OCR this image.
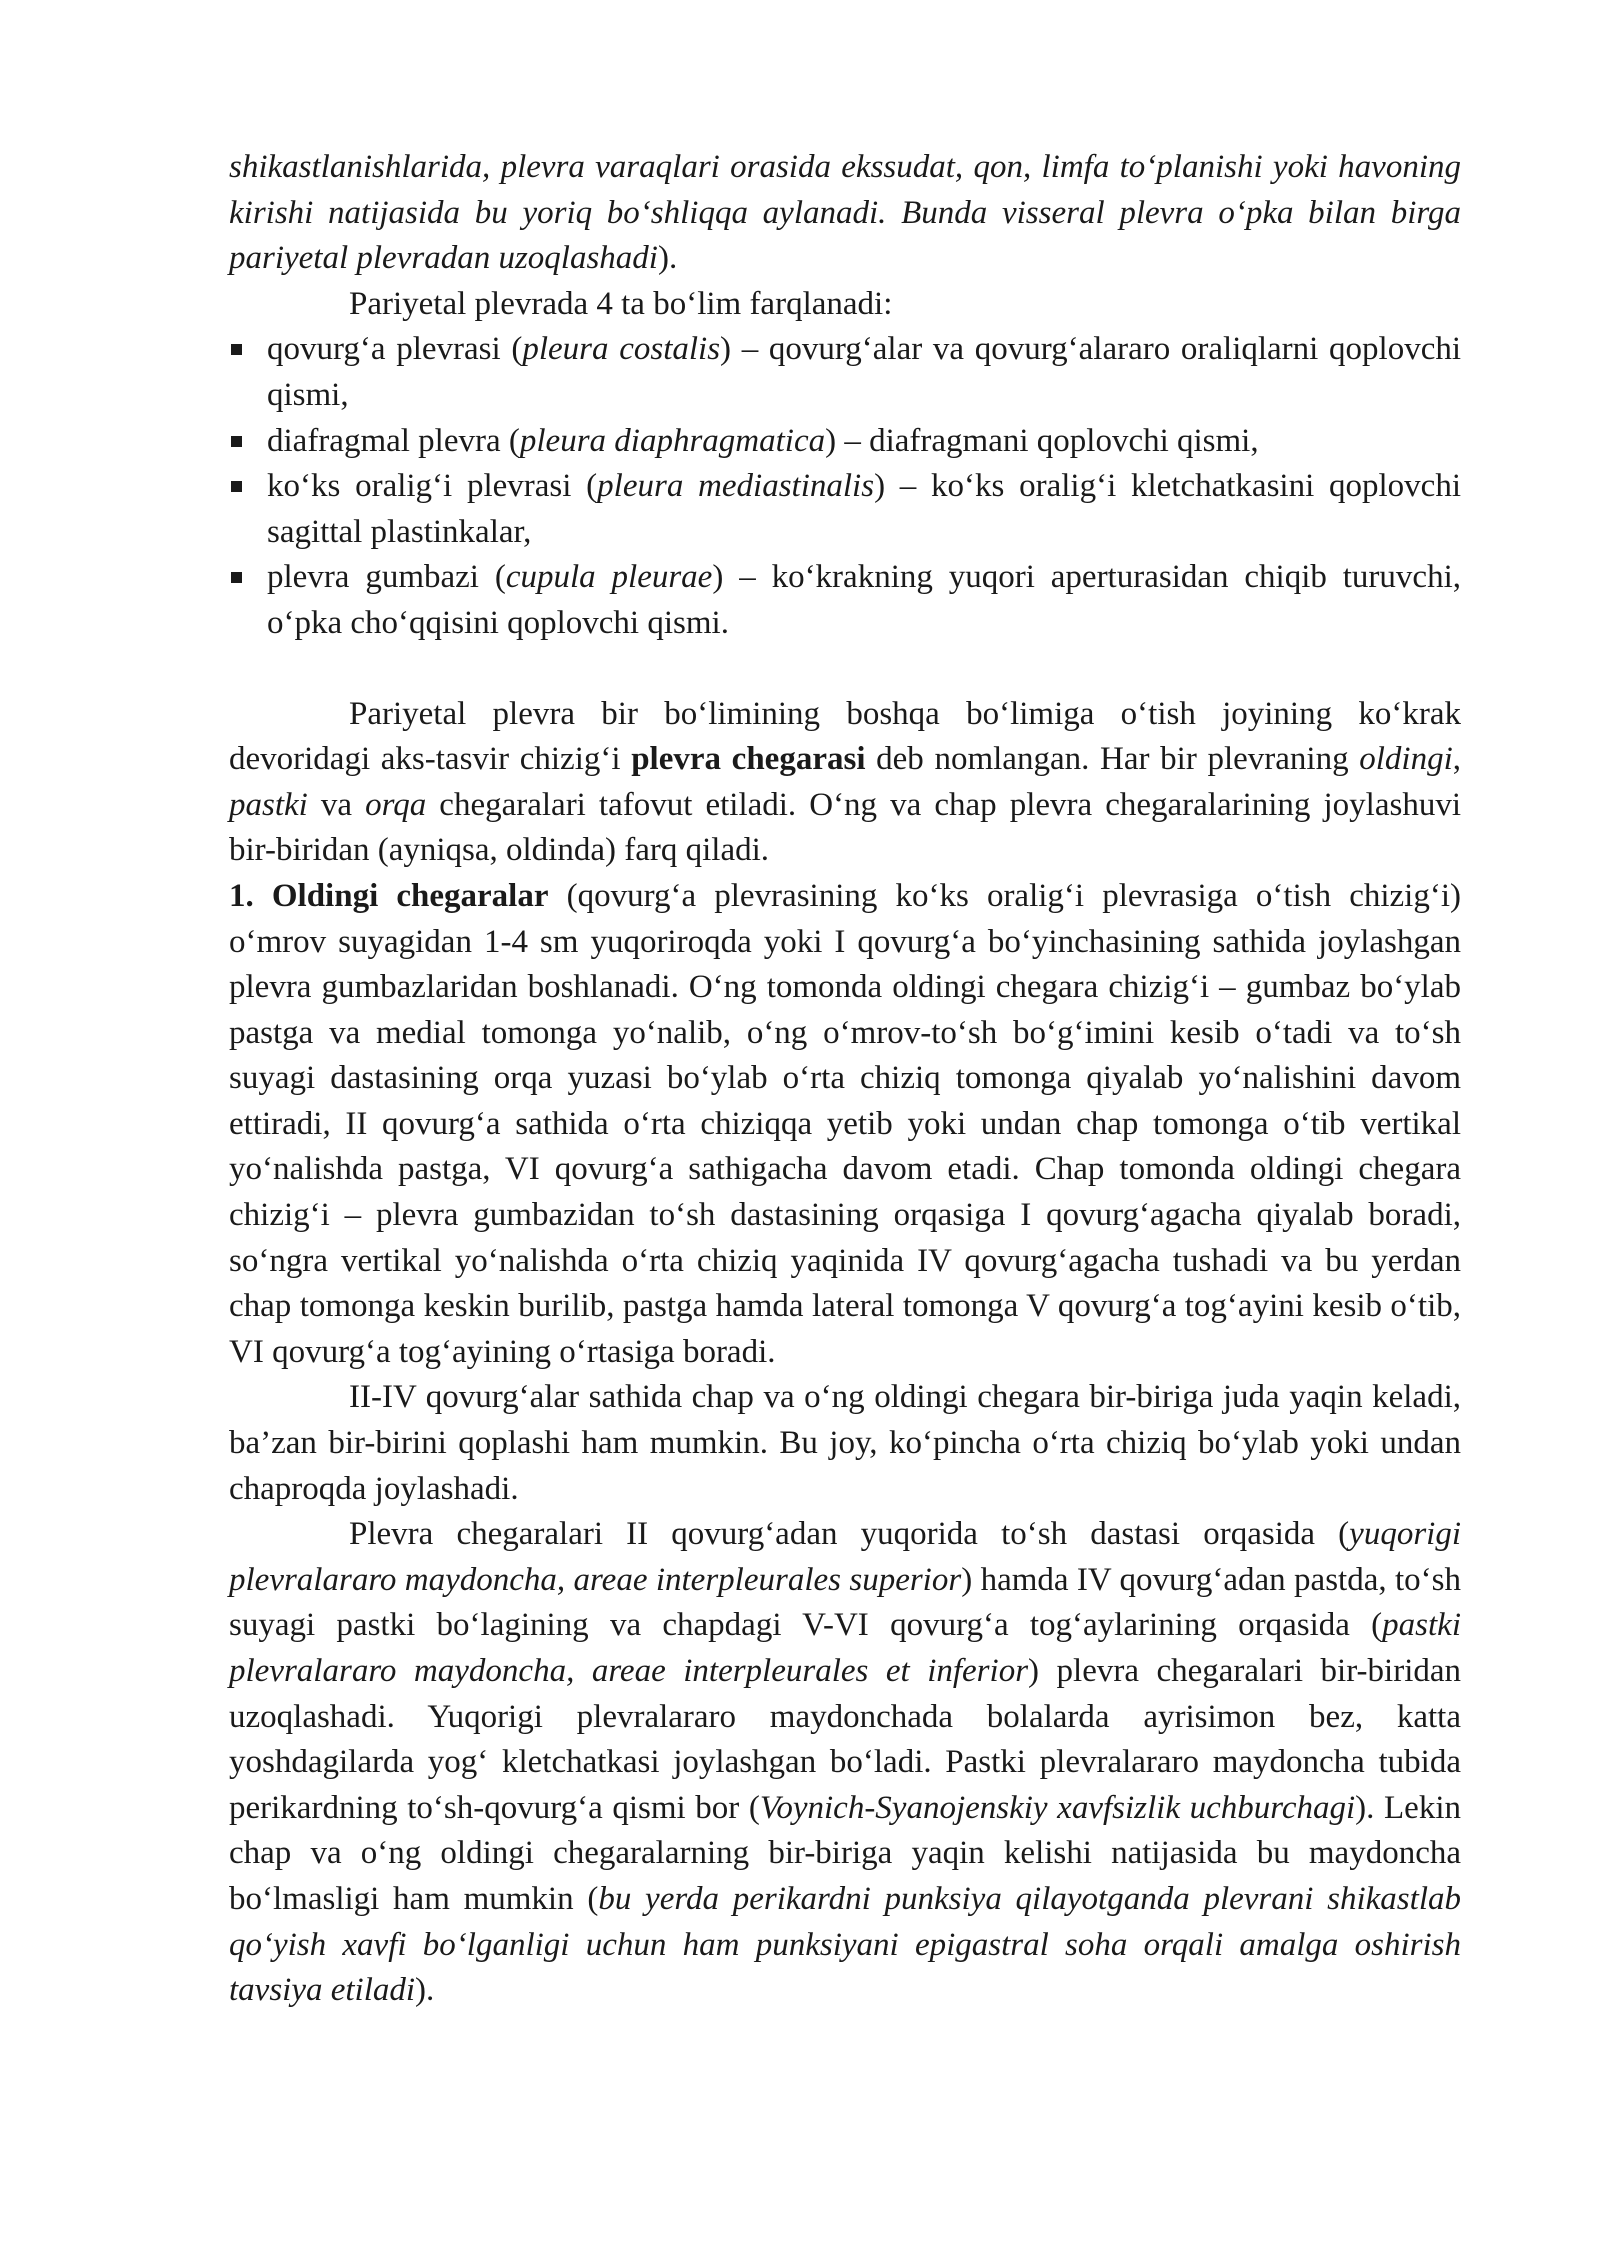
shikastlanishlarida, plevra varaqlari orasida ekssudat, qon, limfa to‘planishi yoki havoning kirishi natijasida bu yoriq bo‘shliqqa aylanadi. Bunda visseral plevra o‘pka bilan birga pariyetal plevradan uzoqlashadi).

Pariyetal plevrada 4 ta bo‘lim farqlanadi:

qovurg‘a plevrasi (pleura costalis) – qovurg‘alar va qovurg‘alararo oraliqlarni qoplovchi qismi,
diafragmal plevra (pleura diaphragmatica) – diafragmani qoplovchi qismi,
ko‘ks oralig‘i plevrasi (pleura mediastinalis) – ko‘ks oralig‘i kletchatkasini qoplovchi sagittal plastinkalar,
plevra gumbazi (cupula pleurae) – ko‘krakning yuqori aperturasidan chiqib turuvchi, o‘pka cho‘qqisini qoplovchi qismi.

Pariyetal plevra bir bo‘limining boshqa bo‘limiga o‘tish joyining ko‘krak devoridagi aks-tasvir chizig‘i plevra chegarasi deb nomlangan. Har bir plevraning oldingi, pastki va orqa chegaralari tafovut etiladi. O‘ng va chap plevra chegaralarining joylashuvi bir-biridan (ayniqsa, oldinda) farq qiladi.

1. Oldingi chegaralar (qovurg‘a plevrasining ko‘ks oralig‘i plevrasiga o‘tish chizig‘i) o‘mrov suyagidan 1-4 sm yuqoriroqda yoki I qovurg‘a bo‘yinchasining sathida joylashgan plevra gumbazlaridan boshlanadi. O‘ng tomonda oldingi chegara chizig‘i – gumbaz bo‘ylab pastga va medial tomonga yo‘nalib, o‘ng o‘mrov-to‘sh bo‘g‘imini kesib o‘tadi va to‘sh suyagi dastasining orqa yuzasi bo‘ylab o‘rta chiziq tomonga qiyalab yo‘nalishini davom ettiradi, II qovurg‘a sathida o‘rta chiziqqa yetib yoki undan chap tomonga o‘tib vertikal yo‘nalishda pastga, VI qovurg‘a sathigacha davom etadi. Chap tomonda oldingi chegara chizig‘i – plevra gumbazidan to‘sh dastasining orqasiga I qovurg‘agacha qiyalab boradi, so‘ngra vertikal yo‘nalishda o‘rta chiziq yaqinida IV qovurg‘agacha tushadi va bu yerdan chap tomonga keskin burilib, pastga hamda lateral tomonga V qovurg‘a tog‘ayini kesib o‘tib, VI qovurg‘a tog‘ayining o‘rtasiga boradi.

II-IV qovurg‘alar sathida chap va o‘ng oldingi chegara bir-biriga juda yaqin keladi, ba’zan bir-birini qoplashi ham mumkin. Bu joy, ko‘pincha o‘rta chiziq bo‘ylab yoki undan chaproqda joylashadi.

Plevra chegaralari II qovurg‘adan yuqorida to‘sh dastasi orqasida (yuqorigi plevralararo maydoncha, areae interpleurales superior) hamda IV qovurg‘adan pastda, to‘sh suyagi pastki bo‘lagining va chapdagi V-VI qovurg‘a tog‘aylarining orqasida (pastki plevralararo maydoncha, areae interpleurales et inferior) plevra chegaralari bir-biridan uzoqlashadi. Yuqorigi plevralararo maydonchada bolalarda ayrisimon bez, katta yoshdagilarda yog‘ kletchatkasi joylashgan bo‘ladi. Pastki plevralararo maydoncha tubida perikardning to‘sh-qovurg‘a qismi bor (Voynich-Syanojenskiy xavfsizlik uchburchagi). Lekin chap va o‘ng oldingi chegaralarning bir-biriga yaqin kelishi natijasida bu maydoncha bo‘lmasligi ham mumkin (bu yerda perikardni punksiya qilayotganda plevrani shikastlab qo‘yish xavfi bo‘lganligi uchun ham punksiyani epigastral soha orqali amalga oshirish tavsiya etiladi).
